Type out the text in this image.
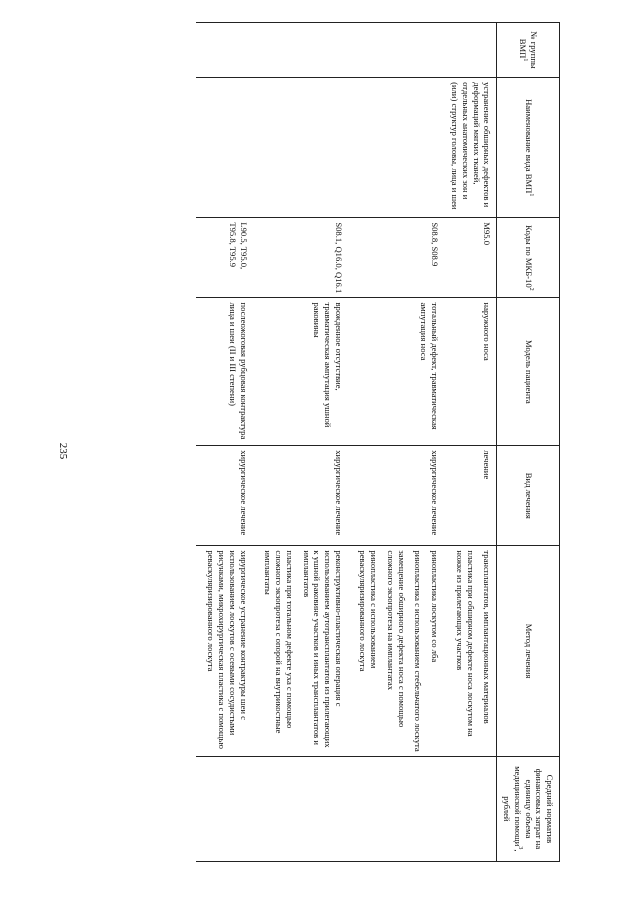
235
№ группы ВМП$^1$	Наименование вида ВМП$^1$	Коды по МКБ-$10^2$	Модель пациента	Вид лечения	Метод лечения	Средний норматив финансовых затрат на единицу объема медицинской помощи$^3$, рублей
	устранение обширных дефектов и деформаций мягких тканей, отдельных анатомических зон и (или) структур головы, лица и шеи	M95.0	наружного носа	лечение	трансплантатов, имплантационных материалов
пластика при обширном дефекте носа лоскутом на ножке из прилегающих участков	

		S08.8, S08.9	тотальный дефект, травматическая ампутация носа	хирургическое лечение	ринопластика лоскутом со лба
ринопластика с использованием стебельчатого лоскута
замещение обширного дефекта носа с помощью сложного экзопротеза на имплантатах
ринопластика с использованием реваскуляризированного лоскута	

		S08.1, Q16.0, Q16.1	врожденное отсутствие, травматическая ампутация ушной раковины	хирургическое лечение	реконструктивно-пластическая операция с использованием аутотрансплантатов из прилегающих к ушной раковине участков и иных трансплантатов и имплантатов
пластика при тотальном дефекте уха с помощью сложного экзопротеза с опорой на внутрикостные имплантаты	

		L90.5, T95.0, T95.8, T95.9	послеожоговая рубцовая контрактура лица и шеи (II и III степени)	хирургическое лечение	хирургическое устранение контрактуры шеи с использованием лоскутов с осевыми сосудистыми рисунками, микрохирургическая пластика с помощью реваскуляризированного лоскута	
